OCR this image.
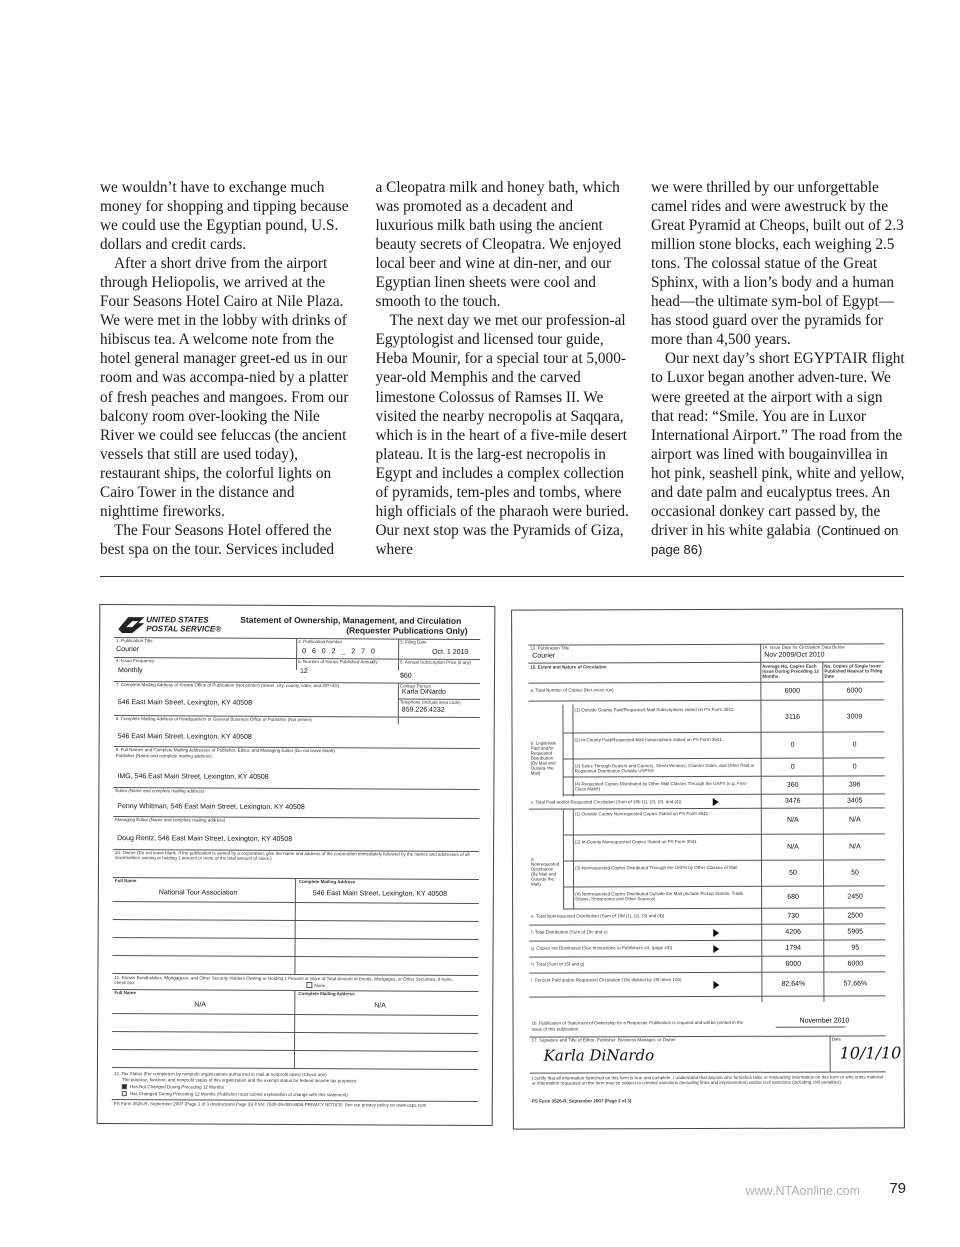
we wouldn’t have to exchange much money for shopping and tipping because we could use the Egyptian pound, U.S. dollars and credit cards.

After a short drive from the airport through Heliopolis, we arrived at the Four Seasons Hotel Cairo at Nile Plaza. We were met in the lobby with drinks of hibiscus tea. A welcome note from the hotel general manager greet-ed us in our room and was accompa-nied by a platter of fresh peaches and mangoes. From our balcony room over-looking the Nile River we could see feluccas (the ancient vessels that still are used today), restaurant ships, the colorful lights on Cairo Tower in the distance and nighttime fireworks.

The Four Seasons Hotel offered the best spa on the tour. Services included

a Cleopatra milk and honey bath, which was promoted as a decadent and luxurious milk bath using the ancient beauty secrets of Cleopatra. We enjoyed local beer and wine at din-ner, and our Egyptian linen sheets were cool and smooth to the touch.

The next day we met our profession-al Egyptologist and licensed tour guide, Heba Mounir, for a special tour at 5,000-year-old Memphis and the carved limestone Colossus of Ramses II. We visited the nearby necropolis at Saqqara, which is in the heart of a five-mile desert plateau. It is the larg-est necropolis in Egypt and includes a complex collection of pyramids, tem-ples and tombs, where high officials of the pharaoh were buried. Our next stop was the Pyramids of Giza, where

we were thrilled by our unforgettable camel rides and were awestruck by the Great Pyramid at Cheops, built out of 2.3 million stone blocks, each weighing 2.5 tons. The colossal statue of the Great Sphinx, with a lion’s body and a human head—the ultimate sym-bol of Egypt—has stood guard over the pyramids for more than 4,500 years.

Our next day’s short EGYPTAIR flight to Luxor began another adven-ture. We were greeted at the airport with a sign that read: “Smile. You are in Luxor International Airport.” The road from the airport was lined with bougainvillea in hot pink, seashell pink, white and yellow, and date palm and eucalyptus trees. An occasional donkey cart passed by, the driver in his white galabia (Continued on page 86)

UNITED STATES
POSTAL SERVICE®
Statement of Ownership, Management, and Circulation
(Requester Publications Only)
1. Publication Title
Courier
2. Publication Number
0 6 0 2 _ 2 7 0
3. Filing Date
Oct. 1 2010
4. Issue Frequency
Monthly
5. Number of Issues Published Annually
12
6. Annual Subscription Price (if any)
$60
7. Complete Mailing Address of Known Office of Publication (Not printer) (Street, city, county, state, and ZIP+4®)
546 East Main Street, Lexington, KY 40508
Contact Person
Karla DiNardo
Telephone (Include area code)
859.226.4232
8. Complete Mailing Address of Headquarters or General Business Office of Publisher (Not printer)
546 East Main Street, Lexington, KY 40508
9. Full Names and Complete Mailing Addresses of Publisher, Editor, and Managing Editor (Do not leave blank)
Publisher (Name and complete mailing address)
IMG, 546 East Main Street, Lexington, KY 40508
Editor (Name and complete mailing address)
Penny Whitman, 546 East Main Street, Lexington, KY 40508
Managing Editor (Name and complete mailing address)
Doug Rentz, 546 East Main Street, Lexington, KY 40508
10. Owner (Do not leave blank. If the publication is owned by a corporation, give the name and address of the corporation immediately followed by the names and addresses of all stockholders owning or holding 1 percent or more of the total amount of stock.)
Full Name	Complete Mailing Address
National Tour Association	546 East Main Street, Lexington, KY 40508
11. Known Bondholders, Mortgagees, and Other Security Holders Owning or Holding 1 Percent or More of Total Amount of Bonds, Mortgages, or Other Securities. If none, check box
None
Full Name	Complete Mailing Address
N/A	N/A
12. Tax Status (For completion by nonprofit organizations authorized to mail at nonprofit rates) (Check one)
The purpose, function, and nonprofit status of this organization and the exempt status for federal income tax purposes:
Has Not Changed During Preceding 12 Months
Has Changed During Preceding 12 Months (Publisher must submit explanation of change with this statement)
PS Form 3526-R, September 2007 (Page 1 of 3 (Instructions Page 3)) PSN: 7530-09-000-8855 PRIVACY NOTICE: See our privacy policy on www.usps.com
13. Publication Title
Courier
14. Issue Date for Circulation Data Below
Nov 2009/Oct 2010
15. Extent and Nature of Circulation	Average No. Copies Each Issue During Preceding 12 Months
No. Copies of Single Issue Published Nearest to Filing Date
a. Total Number of Copies (Net press run)	6000	6000
(1) Outside County Paid/Requested Mail Subscriptions stated on PS Form 3541.
3116	3009
(2) In-County Paid/Requested Mail Subscriptions stated on PS Form 3541.
0	0
(3) Sales Through Dealers and Carriers, Street Vendors, Counter Sales, and Other Paid or Requested Distribution Outside USPS®
0	0
(4) Requested Copies Distributed by Other Mail Classes Through the USPS (e.g. First-Class Mail®)
360	396
c. Total Paid and/or Requested Circulation (Sum of 15b (1), (2), (3), and (4))	3476	3405
(1) Outside County Nonrequested Copies Stated on PS Form 3541
N/A	N/A
(2) In-County Nonrequested Copies Stated on PS Form 3541
N/A	N/A
(3) Nonrequested Copies Distributed Through the USPS by Other Classes of Mail
50	50
(4) Nonrequested Copies Distributed Outside the Mail (Include Pickup Stands, Trade Shows, Showrooms and Other Sources)	680	2450
e. Total Nonrequested Distribution (Sum of 15d (1), (2), (3) and (4))	730	2500
f. Total Distribution (Sum of 15c and e)	4206	5905
g. Copies not Distributed (See Instructions to Publishers #4, (page #3))	1794	95
h. Total (Sum of 15f and g)	6000	6000
i. Percent Paid and/or Requested Circulation (15c divided by 15f times 100)
82.64%	57.66%
b. Legitimate Paid and/or Requested Distribution (By Mail and Outside the Mail)
d. Nonrequested Distribution (By Mail and Outside the Mail)
16. Publication of Statement of Ownership for a Requester Publication is required and will be printed in the
issue of this publication.
November 2010
17. Signature and Title of Editor, Publisher, Business Manager, or Owner	Date
Karla DiNardo	10/1/10
I certify that all information furnished on this form is true and complete. I understand that anyone who furnishes false or misleading information on this form or who omits material or information requested on the form may be subject to criminal sanctions (including fines and imprisonment) and/or civil sanctions (including civil penalties).
PS Form 3526-R, September 2007 (Page 2 of 3)
www.NTAonline.com 79
